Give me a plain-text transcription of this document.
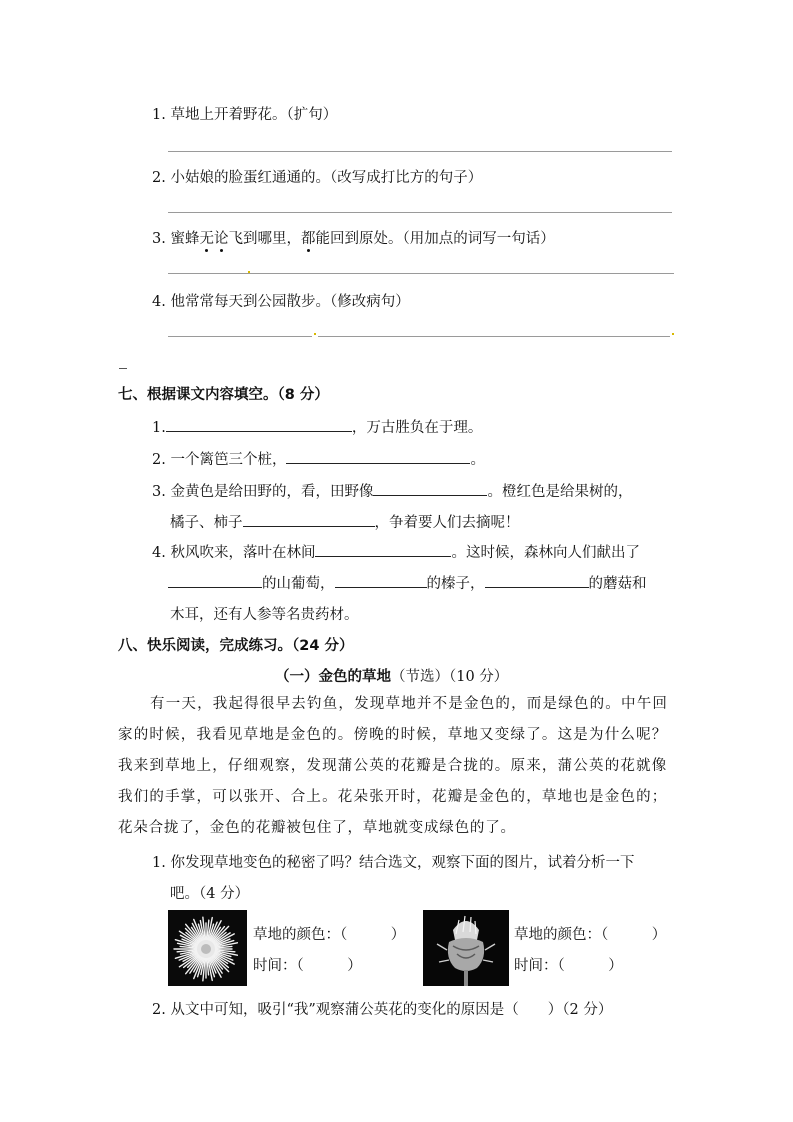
1. 草地上开着野花。（扩句）
2. 小姑娘的脸蛋红通通的。（改写成打比方的句子）
3. 蜜蜂无论飞到哪里，都能回到原处。（用加点的词写一句话）
4. 他常常每天到公园散步。（修改病句）
七、根据课文内容填空。（8 分）
1.	，万古胜负在于理。
2. 一个篱笆三个桩，	。
3. 金黄色是给田野的，看，田野像	。橙红色是给果树的，
橘子、柿子	，争着要人们去摘呢！
4. 秋风吹来，落叶在林间	。这时候，森林向人们献出了
的山葡萄，	的榛子，	的蘑菇和
木耳，还有人参等名贵药材。
八、快乐阅读，完成练习。（24 分）
（一）金色的草地（节选）（10 分）
有一天，我起得很早去钓鱼，发现草地并不是金色的，而是绿色的。中午回
家的时候，我看见草地是金色的。傍晚的时候，草地又变绿了。这是为什么呢？
我来到草地上，仔细观察，发现蒲公英的花瓣是合拢的。原来，蒲公英的花就像
我们的手掌，可以张开、合上。花朵张开时，花瓣是金色的，草地也是金色的；
花朵合拢了，金色的花瓣被包住了，草地就变成绿色的了。
1. 你发现草地变色的秘密了吗？结合选文，观察下面的图片，试着分析一下
吧。（4 分）
草地的颜色：（　　　）
时间：（　　　）
草地的颜色：（　　　）
时间：（　　　）
2. 从文中可知，吸引“我”观察蒲公英花的变化的原因是（　　）（2 分）
